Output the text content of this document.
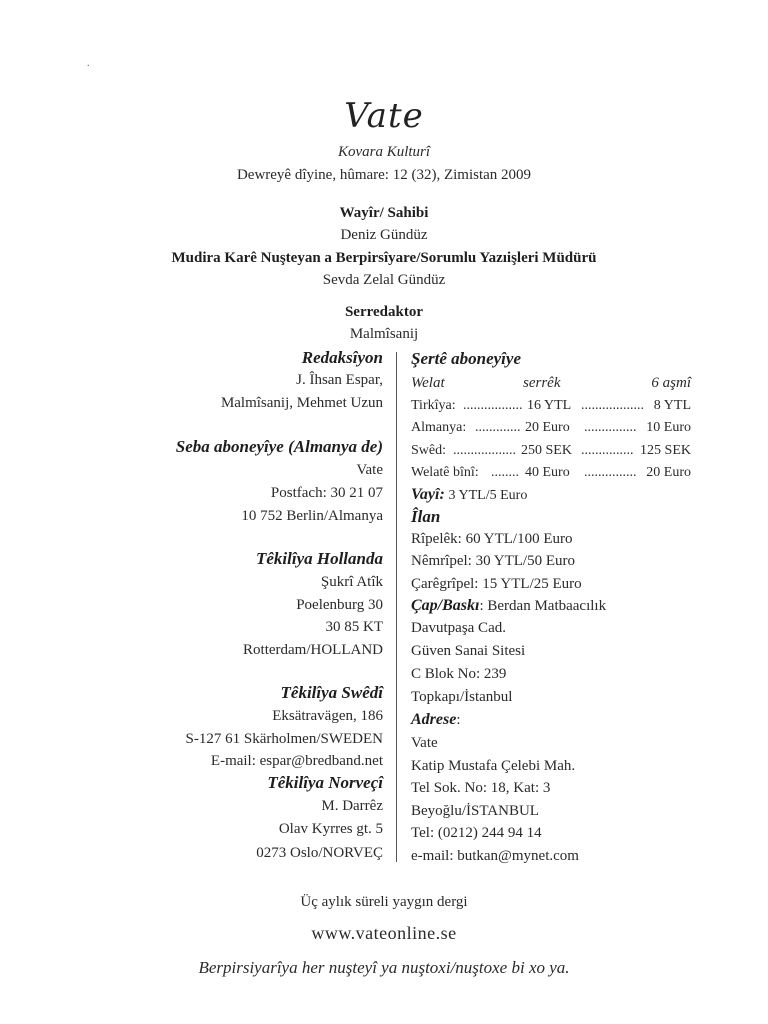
.
Vate
Kovara Kulturî
Dewreyê dîyine, hûmare: 12 (32), Zimistan 2009
Wayîr/ Sahibi
Deniz Gündüz
Mudira Karê Nuşteyan a Berpirsîyare/Sorumlu Yazıişleri Müdürü
Sevda Zelal Gündüz
Serredaktor
Malmîsanij
Redaksîyon
J. Îhsan Espar,
Malmîsanij, Mehmet Uzun
Seba aboneyîye (Almanya de)
Vate
Postfach: 30 21 07
10 752 Berlin/Almanya
Têkilîya Hollanda
Şukrî Atîk
Poelenburg 30
30 85 KT
Rotterdam/HOLLAND
Têkilîya Swêdî
Eksätravägen, 186
S-127 61 Skärholmen/SWEDEN
E-mail: espar@bredband.net
Têkilîya Norveçî
M. Darrêz
Olav Kyrres gt. 5
0273 Oslo/NORVEÇ
Şertê aboneyîye
Welat	serrêk	6 aşmî
Tirkîya: ................. 16 YTL .................. 8 YTL
Almanya: ............. 20 Euro ............... 10 Euro
Swêd: .................. 250 SEK ............... 125 SEK
Welatê bînî: ........ 40 Euro ............... 20 Euro
Vayî: 3 YTL/5 Euro
Îlan
Rîpelêk: 60 YTL/100 Euro
Nêmrîpel: 30 YTL/50 Euro
Çarêgrîpel: 15 YTL/25 Euro
Çap/Baskı: Berdan Matbaacılık
Davutpaşa Cad.
Güven Sanai Sitesi
C Blok No: 239
Topkapı/İstanbul
Adrese:
Vate
Katip Mustafa Çelebi Mah.
Tel Sok. No: 18, Kat: 3
Beyoğlu/İSTANBUL
Tel: (0212) 244 94 14
e-mail: butkan@mynet.com
Üç aylık süreli yaygın dergi
www.vateonline.se
Berpirsiyarîya her nuşteyî ya nuştoxi/nuştoxe bi xo ya.
